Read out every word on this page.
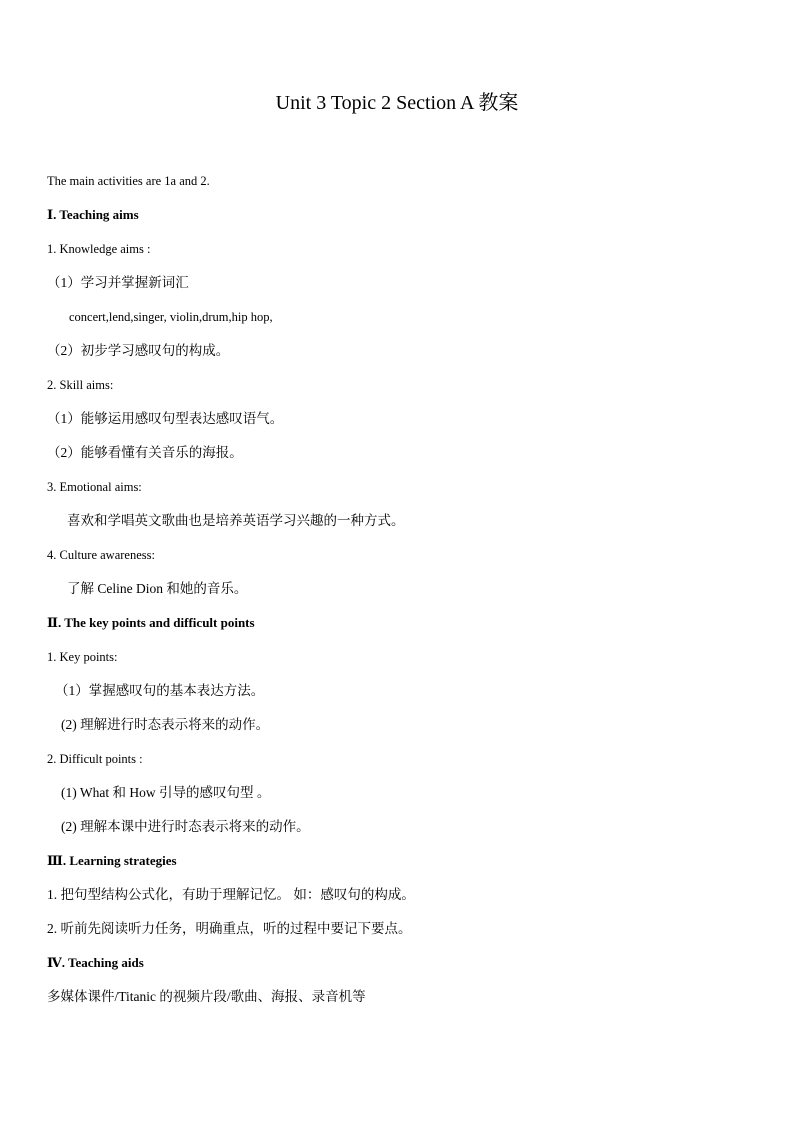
Unit 3 Topic 2 Section A 教案
The main activities are 1a and 2.
Ⅰ. Teaching aims
1. Knowledge aims :
（1）学习并掌握新词汇
concert,lend,singer, violin,drum,hip hop,
（2）初步学习感叹句的构成。
2. Skill aims:
（1）能够运用感叹句型表达感叹语气。
（2）能够看懂有关音乐的海报。
3. Emotional aims:
喜欢和学唱英文歌曲也是培养英语学习兴趣的一种方式。
4. Culture awareness:
了解 Celine Dion 和她的音乐。
Ⅱ. The key points and difficult points
1. Key points:
（1）掌握感叹句的基本表达方法。
(2) 理解进行时态表示将来的动作。
2. Difficult points :
(1) What 和 How 引导的感叹句型 。
(2) 理解本课中进行时态表示将来的动作。
Ⅲ. Learning strategies
1. 把句型结构公式化，有助于理解记忆。 如：感叹句的构成。
2. 听前先阅读听力任务，明确重点，听的过程中要记下要点。
Ⅳ. Teaching aids
多媒体课件/Titanic 的视频片段/歌曲、海报、录音机等
